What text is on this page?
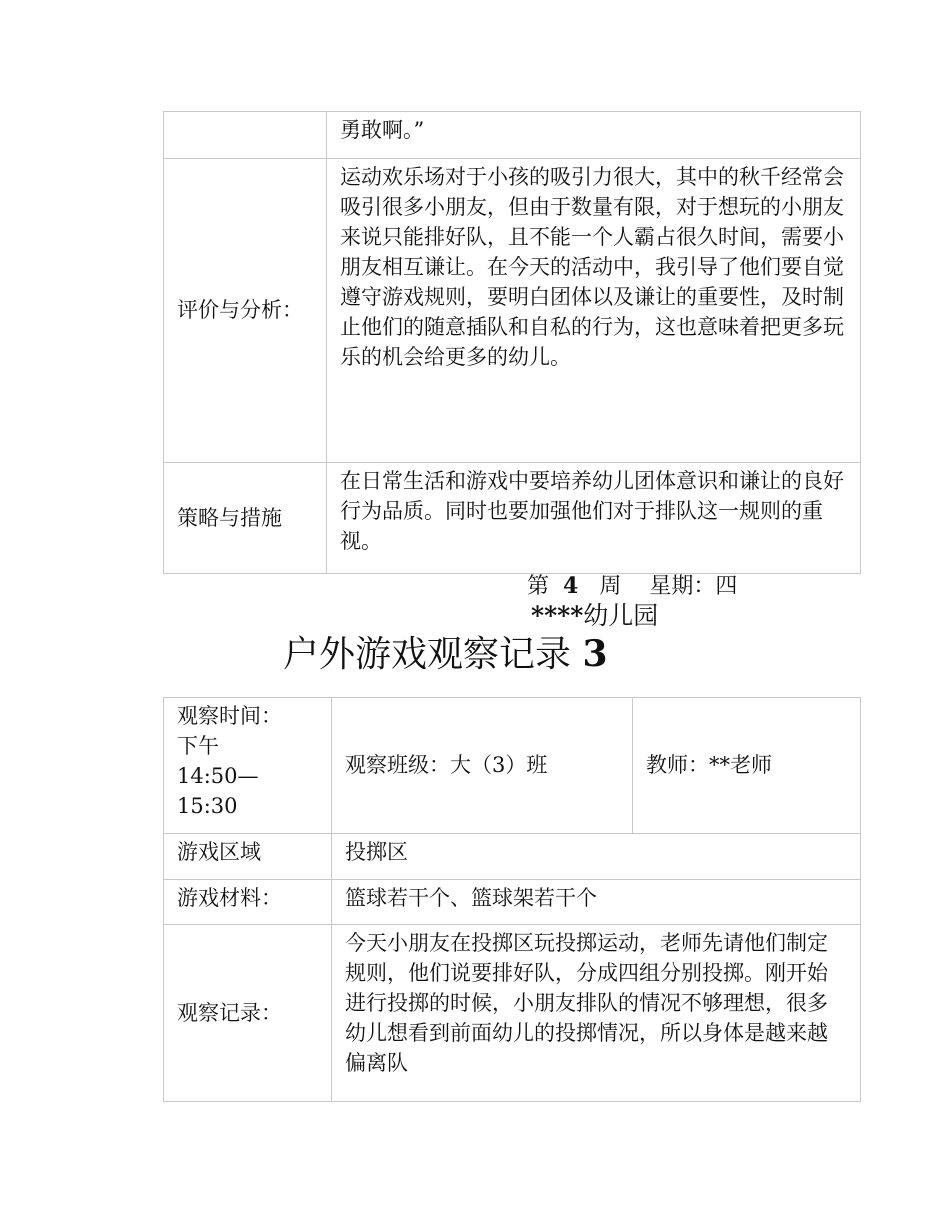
	勇敢啊。”
评价与分析：	运动欢乐场对于小孩的吸引力很大，其中的秋千经常会吸引很多小朋友，但由于数量有限，对于想玩的小朋友来说只能排好队，且不能一个人霸占很久时间，需要小朋友相互谦让。在今天的活动中，我引导了他们要自觉遵守游戏规则，要明白团体以及谦让的重要性，及时制止他们的随意插队和自私的行为，这也意味着把更多玩乐的机会给更多的幼儿。
策略与措施	在日常生活和游戏中要培养幼儿团体意识和谦让的良好行为品质。同时也要加强他们对于排队这一规则的重视。
第 4 周 星期：四
****幼儿园
户外游戏观察记录 3
观察时间：
下午
14:50—
15:30	观察班级：大（3）班	教师：**老师
游戏区域	投掷区	
游戏材料：	篮球若干个、篮球架若干个	
观察记录：	今天小朋友在投掷区玩投掷运动，老师先请他们制定规则，他们说要排好队，分成四组分别投掷。刚开始进行投掷的时候，小朋友排队的情况不够理想，很多幼儿想看到前面幼儿的投掷情况，所以身体是越来越偏离队	
